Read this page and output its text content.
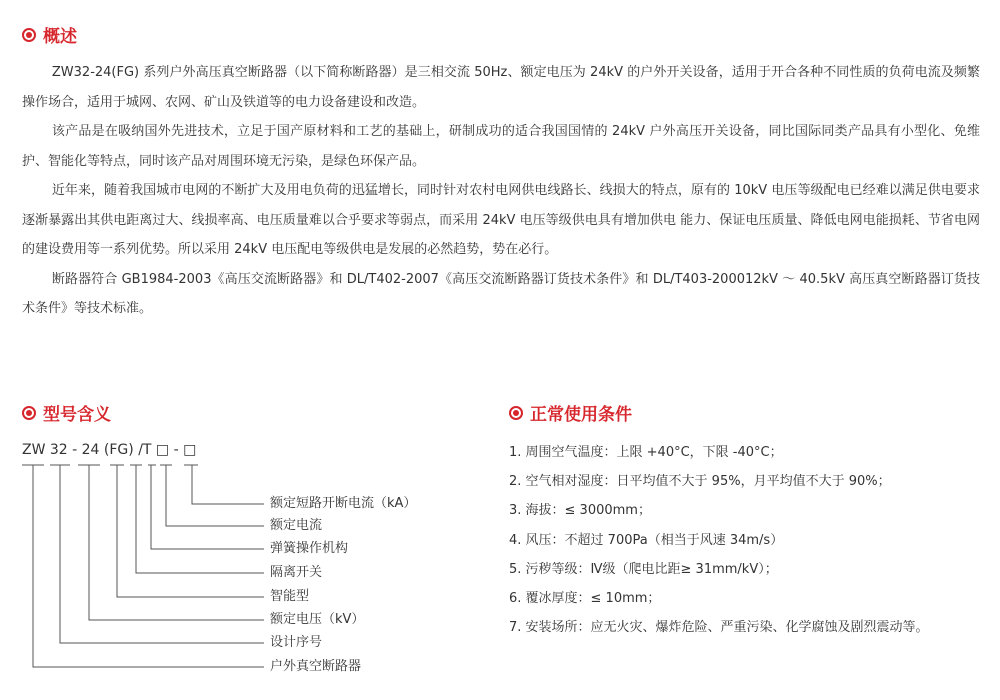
概述

ZW32-24(FG) 系列户外高压真空断路器（以下简称断路器）是三相交流 50Hz、额定电压为 24kV 的户外开关设备，适用于开合各种不同性质的负荷电流及频繁操作场合，适用于城网、农网、矿山及铁道等的电力设备建设和改造。

该产品是在吸纳国外先进技术，立足于国产原材料和工艺的基础上，研制成功的适合我国国情的 24kV 户外高压开关设备，同比国际同类产品具有小型化、免维护、智能化等特点，同时该产品对周围环境无污染，是绿色环保产品。

近年来，随着我国城市电网的不断扩大及用电负荷的迅猛增长，同时针对农村电网供电线路长、线损大的特点，原有的 10kV 电压等级配电已经难以满足供电要求逐渐暴露出其供电距离过大、线损率高、电压质量难以合乎要求等弱点，而采用 24kV 电压等级供电具有增加供电 能力、保证电压质量、降低电网电能损耗、节省电网的建设费用等一系列优势。所以采用 24kV 电压配电等级供电是发展的必然趋势，势在必行。

断路器符合 GB1984-2003《高压交流断路器》和 DL/T402-2007《高压交流断路器订货技术条件》和 DL/T403-200012kV ～ 40.5kV 高压真空断路器订货技术条件》等技术标准。

型号含义
ZW 32 - 24 (FG) /T □ - □
额定短路开断电流（kA）
额定电流
弹簧操作机构
隔离开关
智能型
额定电压（kV）
设计序号
户外真空断路器
正常使用条件
1. 周围空气温度：上限 +40°C，下限 -40°C；
2. 空气相对湿度：日平均值不大于 95%，月平均值不大于 90%；
3. 海拔：≤ 3000mm；
4. 风压：不超过 700Pa（相当于风速 34m/s）
5. 污秽等级：Ⅳ级（爬电比距≥ 31mm/kV）；
6. 覆冰厚度：≤ 10mm；
7. 安装场所：应无火灾、爆炸危险、严重污染、化学腐蚀及剧烈震动等。
